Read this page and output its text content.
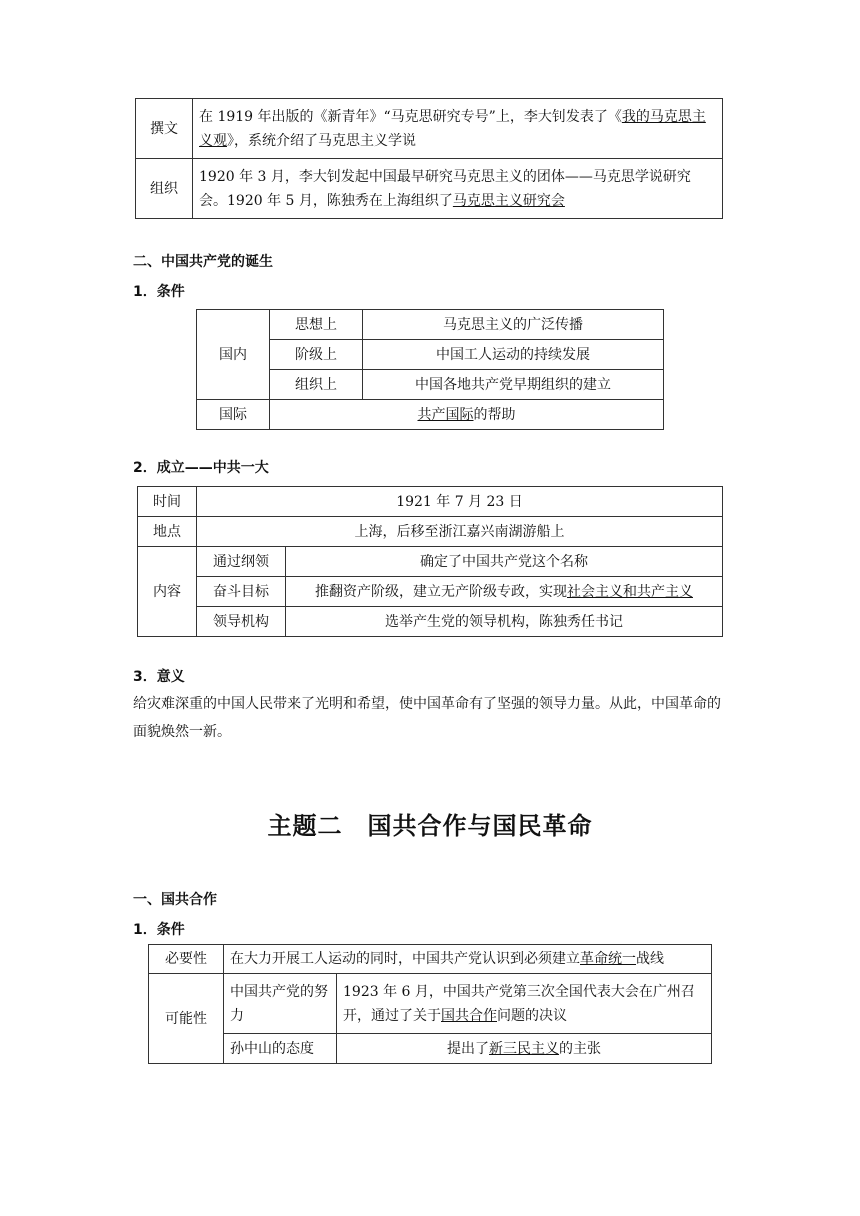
撰文	在 1919 年出版的《新青年》“马克思研究专号”上，李大钊发表了《我的马克思主义观》，系统介绍了马克思主义学说
组织	1920 年 3 月，李大钊发起中国最早研究马克思主义的团体——马克思学说研究会。1920 年 5 月，陈独秀在上海组织了马克思主义研究会
二、中国共产党的诞生
1．条件
国内	思想上	马克思主义的广泛传播
	阶级上	中国工人运动的持续发展
	组织上	中国各地共产党早期组织的建立
国际	共产国际的帮助	
2．成立——中共一大
时间	1921 年 7 月 23 日	
地点	上海，后移至浙江嘉兴南湖游船上	
内容	通过纲领	确定了中国共产党这个名称
	奋斗目标	推翻资产阶级，建立无产阶级专政，实现社会主义和共产主义
	领导机构	选举产生党的领导机构，陈独秀任书记
3．意义
给灾难深重的中国人民带来了光明和希望，使中国革命有了坚强的领导力量。从此，中国革命的面貌焕然一新。
主题二　国共合作与国民革命
一、国共合作
1．条件
必要性	在大力开展工人运动的同时，中国共产党认识到必须建立革命统一战线	
可能性	中国共产党的努力	1923 年 6 月，中国共产党第三次全国代表大会在广州召开，通过了关于国共合作问题的决议
	孙中山的态度	提出了新三民主义的主张
